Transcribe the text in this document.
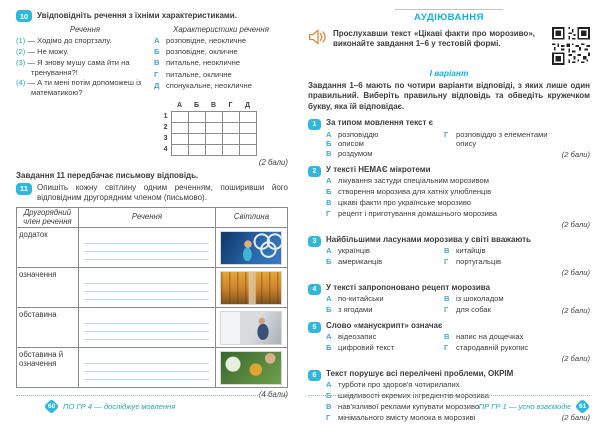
10	Увідповідніть речення з їхніми характеристиками.
Речення	Характеристики речення
(1) — Ходімо до спортзалу.
(2) — Не можу.
(3) — Я знову мушу сама йти на тренування?!
(4) — А ти мені потім допоможеш із математикою?
А розповідне, неокличне
Б розповідне, окличне
В питальне, неокличне
Г	питальне, окличне
Д спонукальне, неокличне
	А	Б	В	Г	Д
1					
2					
3					
4					
(2 бали)
Завдання 11 передбачає письмову відповідь.
11	Опишіть кожну світлину одним реченням, поширивши його відповідним другорядним членом (письмово).
Другорядний член речення	Речення	Світлина
додаток	

означення	

обставина	

обставина й означення	

(4 бали)
60 ПО ГР 4 — досліджує мовлення
АУДІЮВАННЯ
Прослухавши текст «Цікаві факти про морозиво», виконайте завдання 1–6 у тестовій формі.
І варіант
Завдання 1–6 мають по чотири варіанти відповіді, з яких лише один правильний. Виберіть правильну відповідь та обведіть кружечком букву, яка їй відповідає.
1	За типом мовлення текст є
А розповіддю
Б описом
В роздумом
Г	розповіддю з елементами опису
(2 бали)
2	У тексті НЕМАЄ мікротеми
А лікування застуди спеціальним морозивом
Б створення морозива для хатніх улюбленців
В цікаві факти про українське морозиво
Г	рецепт і приготування домашнього морозива
(2 бали)
3	Найбільшими ласунами морозива у світі вважають
А українців	В китайців
Б американців	Г	португальців
(2 бали)
4	У тексті запропоновано рецепт морозива
А по-китайськи	В із шоколадом
Б з ягодами	Г	для собак	(2 бали)
5	Слово «манускрипт» означає
А відеозапис	В напис на дощечках
Б цифровий текст	Г	стародавній рукопис
(2 бали)
6	Текст порушує всі перелічені проблеми, ОКРІМ
А турботи про здоров'я чотирилапих
Б шкідливості окремих інгредієнтів морозива
В нав'язливої реклами купувати морозиво
Г	мінімального вмісту молока в морозиві	(2 бали)
ПР ГР 1 — усно взаємодіє 61
